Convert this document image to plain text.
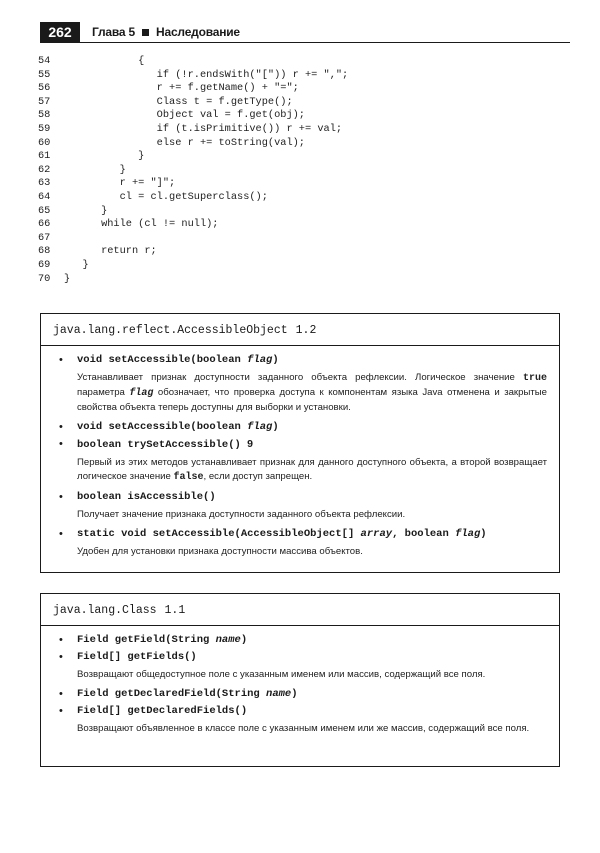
262	Глава 5 Наследование
54            {
55               if (!r.endsWith("[")) r += ",";
56               r += f.getName() + "=";
57               Class t = f.getType();
58               Object val = f.get(obj);
59               if (t.isPrimitive()) r += val;
60               else r += toString(val);
61            }
62         }
63         r += "]";
64         cl = cl.getSuperclass();
65      }
66      while (cl != null);
67
68      return r;
69   }
70 }
java.lang.reflect.AccessibleObject 1.2
• void setAccessible(boolean flag)
Устанавливает признак доступности заданного объекта рефлексии. Логическое значение true параметра flag обозначает, что проверка доступа к компонентам языка Java отменена и закрытые свойства объекта теперь доступны для выборки и установки.
• void setAccessible(boolean flag)
• boolean trySetAccessible() 9
Первый из этих методов устанавливает признак для данного доступного объекта, а второй возвращает логическое значение false, если доступ запрещен.
• boolean isAccessible()
Получает значение признака доступности заданного объекта рефлексии.
• static void setAccessible(AccessibleObject[] array, boolean flag)
Удобен для установки признака доступности массива объектов.
java.lang.Class 1.1
• Field getField(String name)
• Field[] getFields()
Возвращают общедоступное поле с указанным именем или массив, содержащий все поля.
• Field getDeclaredField(String name)
• Field[] getDeclaredFields()
Возвращают объявленное в классе поле с указанным именем или же массив, содержащий все поля.
